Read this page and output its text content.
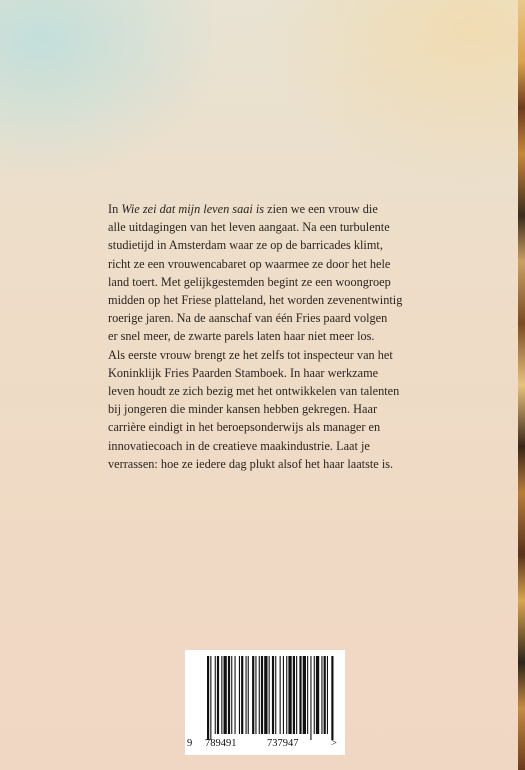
In Wie zei dat mijn leven saai is zien we een vrouw die
alle uitdagingen van het leven aangaat. Na een turbulente
studietijd in Amsterdam waar ze op de barricades klimt,
richt ze een vrouwencabaret op waarmee ze door het hele
land toert. Met gelijkgestemden begint ze een woongroep
midden op het Friese platteland, het worden zevenentwintig
roerige jaren. Na de aanschaf van één Fries paard volgen
er snel meer, de zwarte parels laten haar niet meer los.
Als eerste vrouw brengt ze het zelfs tot inspecteur van het
Koninklijk Fries Paarden Stamboek. In haar werkzame
leven houdt ze zich bezig met het ontwikkelen van talenten
bij jongeren die minder kansen hebben gekregen. Haar
carrière eindigt in het beroepsonderwijs als manager en
innovatiecoach in de creatieve maakindustrie. Laat je
verrassen: hoe ze iedere dag plukt alsof het haar laatste is.
9 789491	737947	>
